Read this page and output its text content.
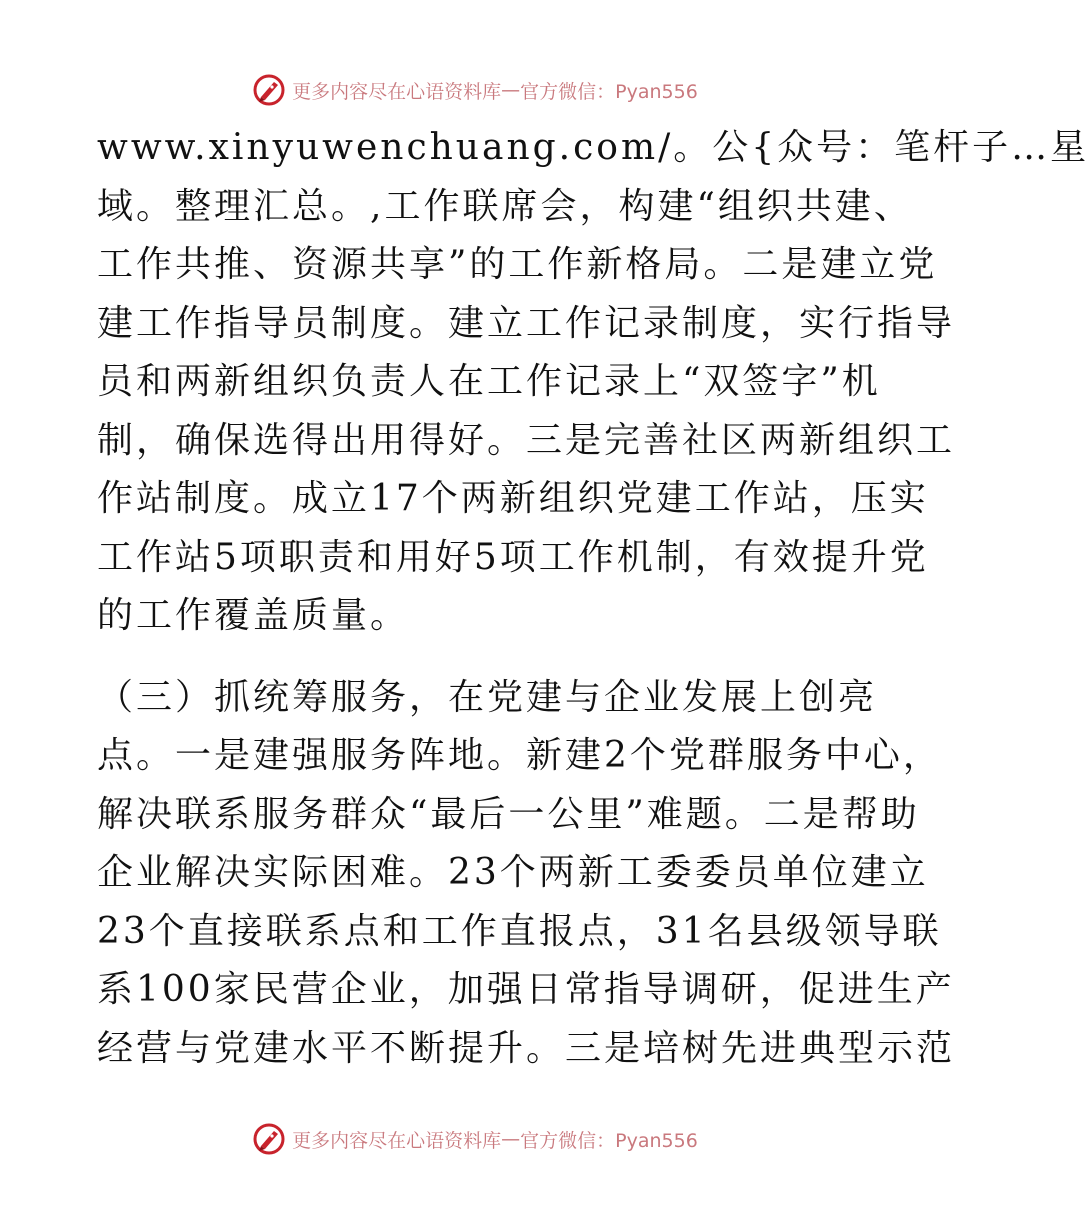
更多内容尽在心语资料库 — 官方微信：Pyan556

www.xinyuwenchuang.com/。公{众号：笔杆子…星
域。整理汇总。,工作联席会，构建“组织共建、
工作共推、资源共享”的工作新格局。二是建立党
建工作指导员制度。建立工作记录制度，实行指导
员和两新组织负责人在工作记录上“双签字”机
制，确保选得出用得好。三是完善社区两新组织工
作站制度。成立17个两新组织党建工作站，压实
工作站5项职责和用好5项工作机制，有效提升党
的工作覆盖质量。

（三）抓统筹服务，在党建与企业发展上创亮
点。一是建强服务阵地。新建2个党群服务中心，
解决联系服务群众“最后一公里”难题。二是帮助
企业解决实际困难。23个两新工委委员单位建立
23个直接联系点和工作直报点，31名县级领导联
系100家民营企业，加强日常指导调研，促进生产
经营与党建水平不断提升。三是培树先进典型示范

更多内容尽在心语资料库 — 官方微信：Pyan556
